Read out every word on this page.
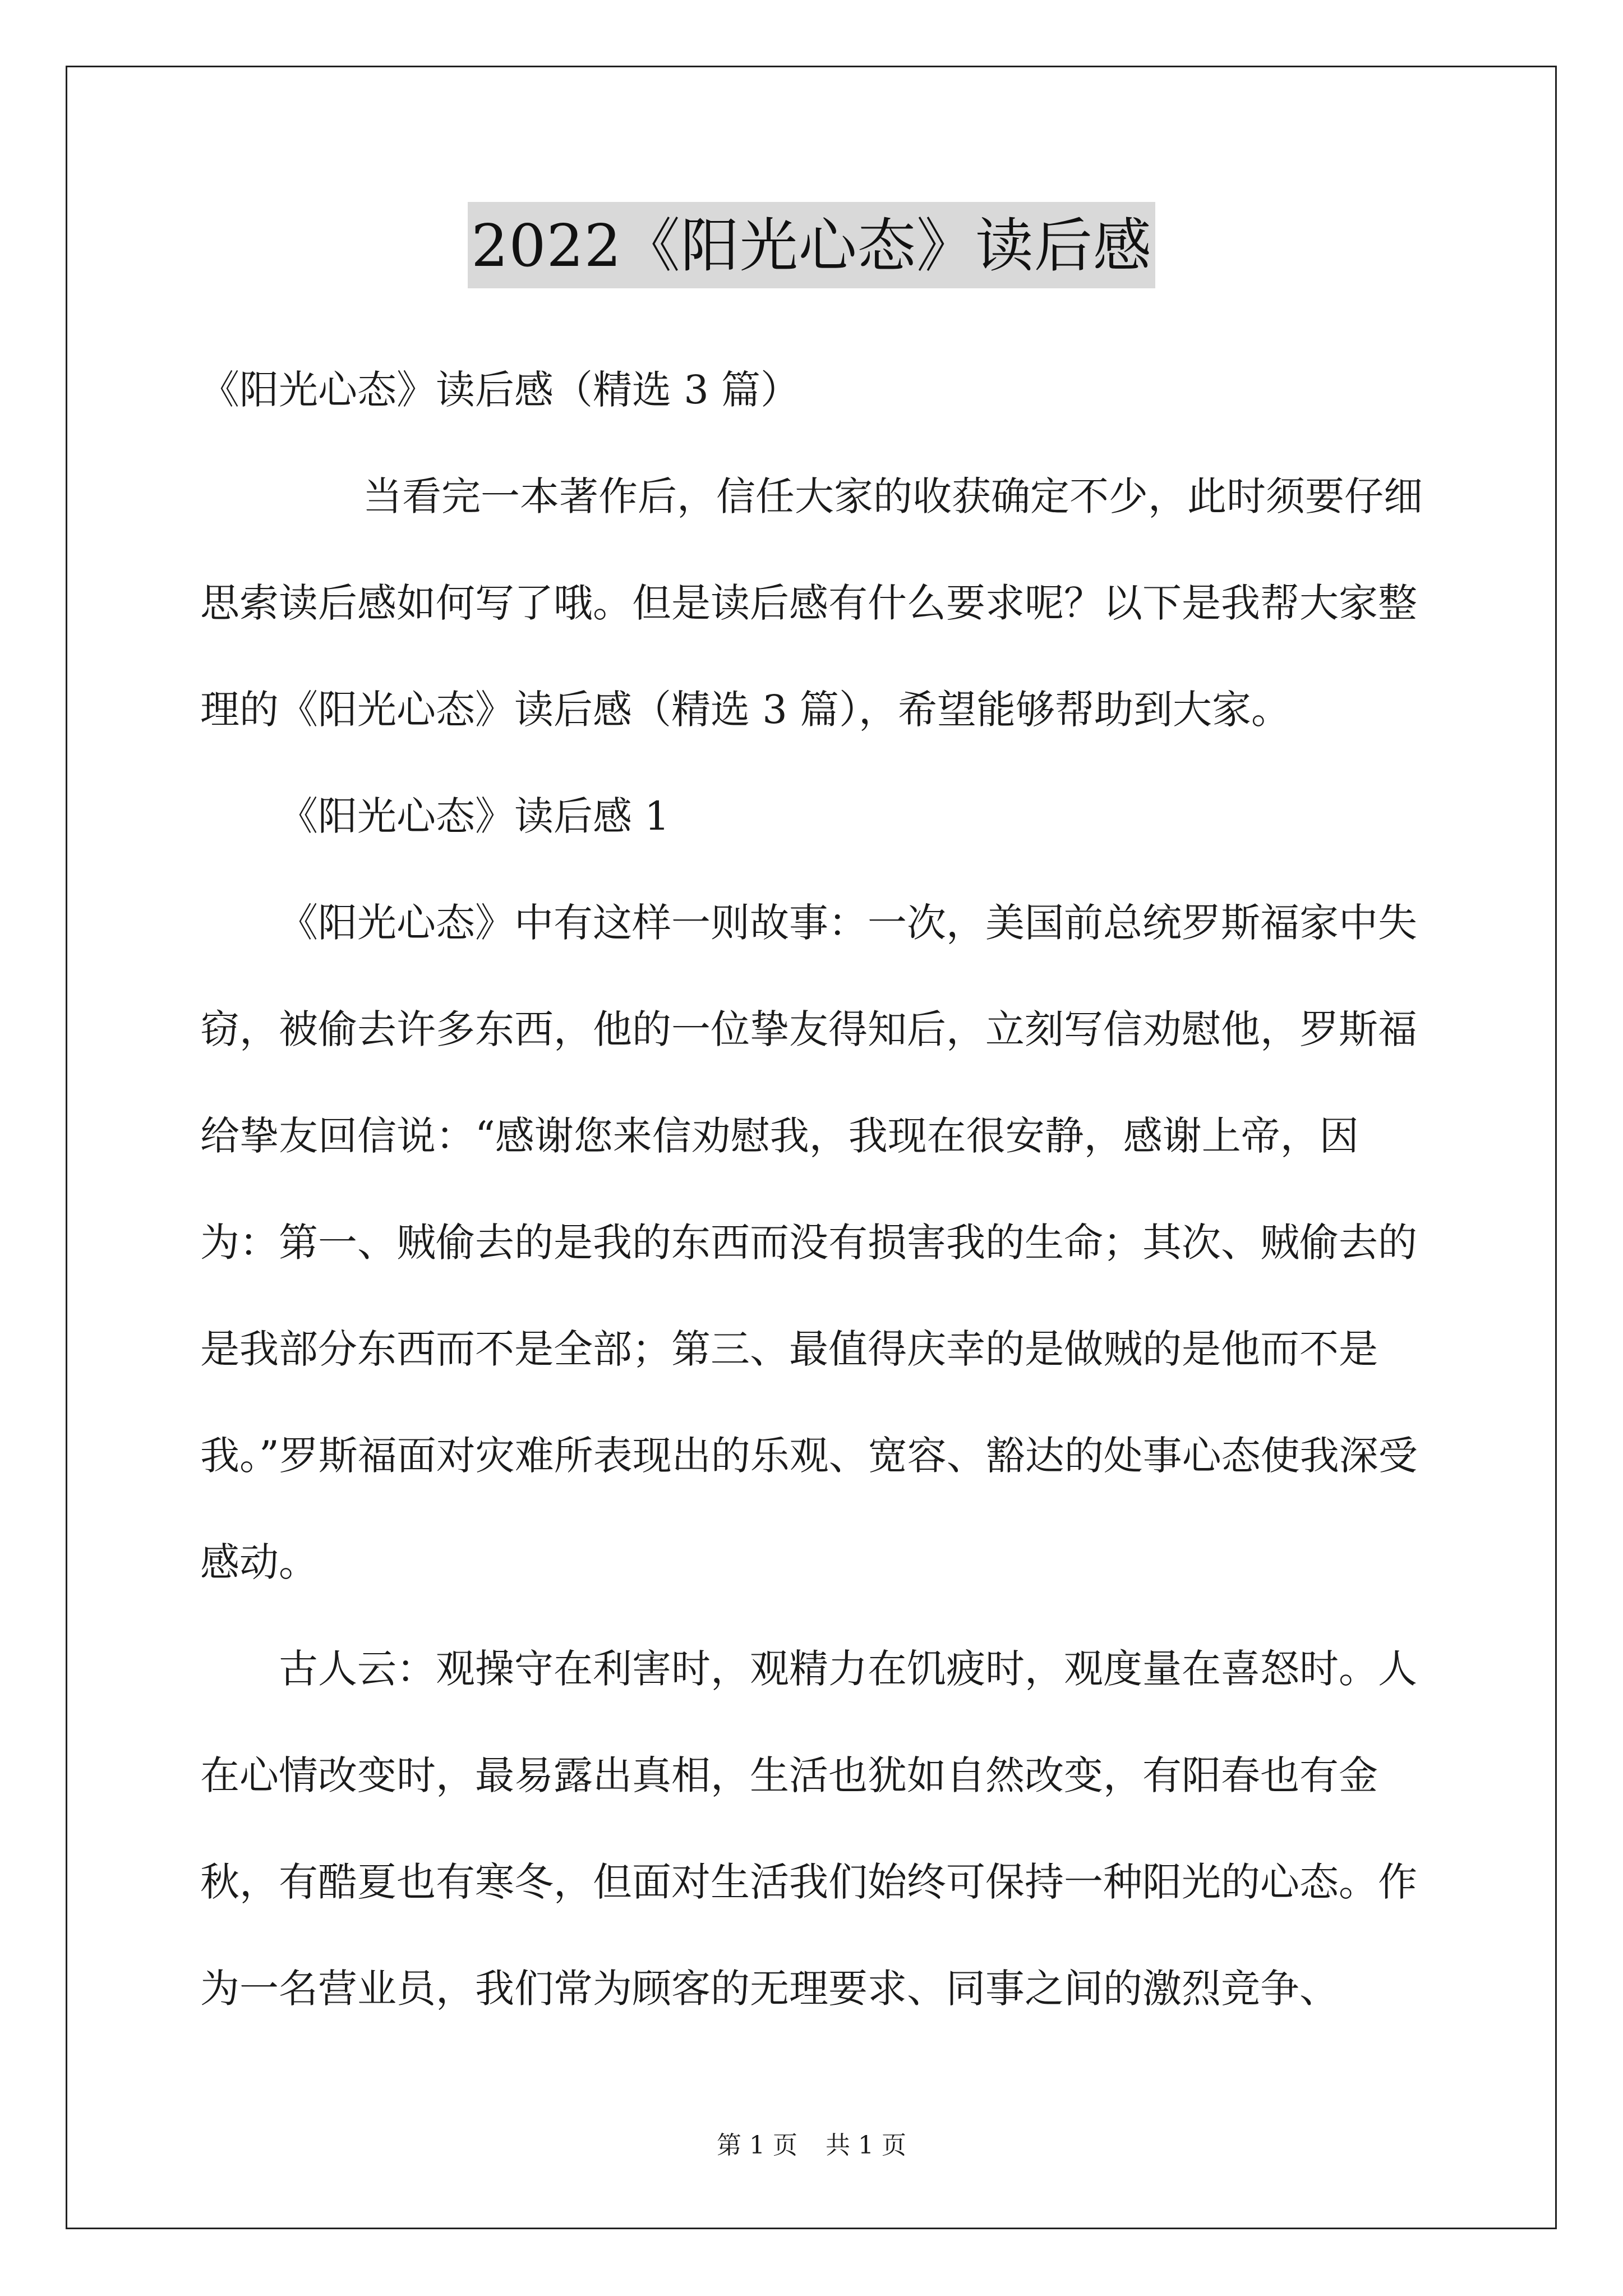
2022《阳光心态》读后感

《阳光心态》读后感（精选 3 篇）

当看完一本著作后，信任大家的收获确定不少，此时须要仔细思索读后感如何写了哦。但是读后感有什么要求呢？以下是我帮大家整理的《阳光心态》读后感（精选 3 篇），希望能够帮助到大家。

《阳光心态》读后感 1

《阳光心态》中有这样一则故事：一次，美国前总统罗斯福家中失窃，被偷去许多东西，他的一位挚友得知后，立刻写信劝慰他，罗斯福给挚友回信说：“感谢您来信劝慰我，我现在很安静，感谢上帝，因为：第一、贼偷去的是我的东西而没有损害我的生命；其次、贼偷去的是我部分东西而不是全部；第三、最值得庆幸的是做贼的是他而不是我。”罗斯福面对灾难所表现出的乐观、宽容、豁达的处事心态使我深受感动。

古人云：观操守在利害时，观精力在饥疲时，观度量在喜怒时。人在心情改变时，最易露出真相，生活也犹如自然改变，有阳春也有金秋，有酷夏也有寒冬，但面对生活我们始终可保持一种阳光的心态。作为一名营业员，我们常为顾客的无理要求、同事之间的激烈竞争、

第 1 页 共 1 页
